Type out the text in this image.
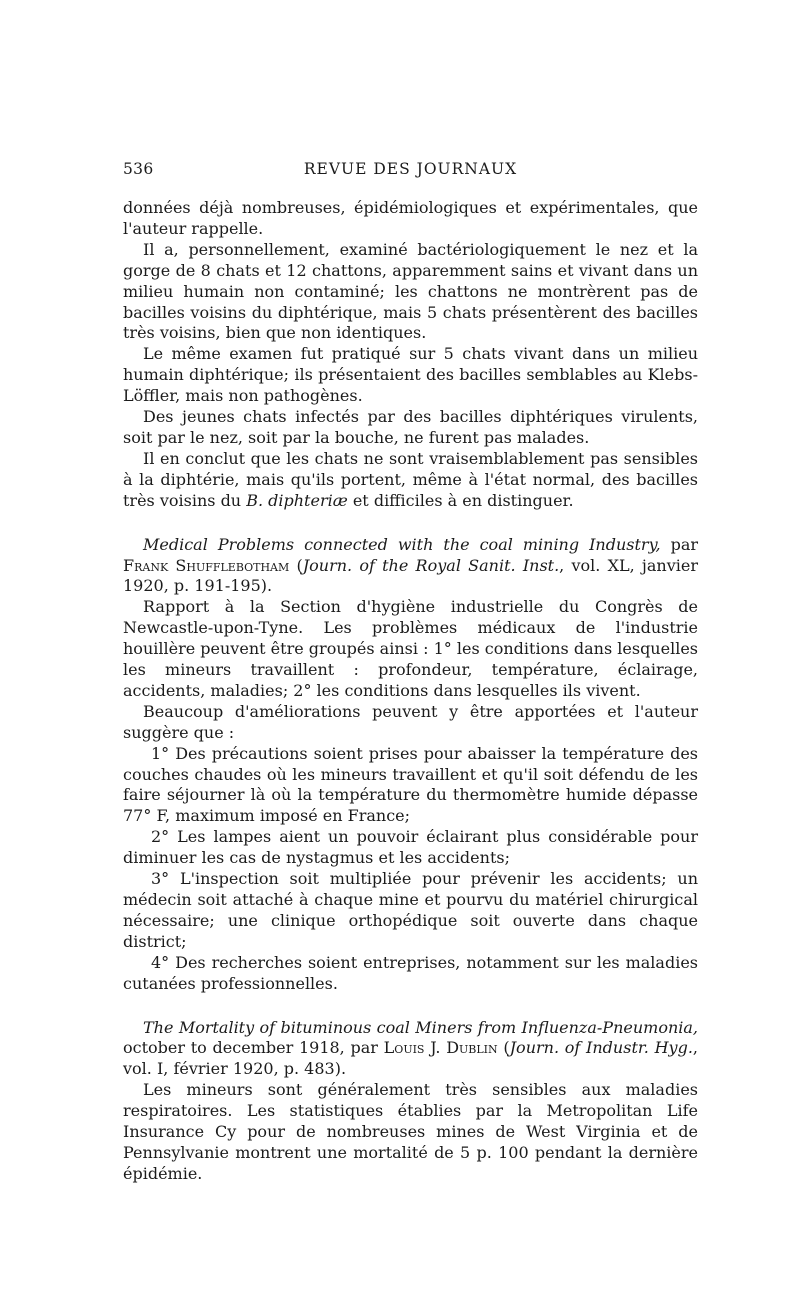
536	REVUE DES JOURNAUX

données déjà nombreuses, épidémiologiques et expérimentales, que l'auteur rappelle.

Il a, personnellement, examiné bactériologiquement le nez et la gorge de 8 chats et 12 chattons, apparemment sains et vivant dans un milieu humain non contaminé; les chattons ne montrèrent pas de bacilles voisins du diphtérique, mais 5 chats présentèrent des bacilles très voisins, bien que non identiques.

Le même examen fut pratiqué sur 5 chats vivant dans un milieu humain diphtérique; ils présentaient des bacilles semblables au Klebs-Löffler, mais non pathogènes.

Des jeunes chats infectés par des bacilles diphtériques virulents, soit par le nez, soit par la bouche, ne furent pas malades.

Il en conclut que les chats ne sont vraisemblablement pas sensibles à la diphtérie, mais qu'ils portent, même à l'état normal, des bacilles très voisins du B. diphteriæ et difficiles à en distinguer.

Medical Problems connected with the coal mining Industry, par Frank Shufflebotham (Journ. of the Royal Sanit. Inst., vol. XL, janvier 1920, p. 191-195).

Rapport à la Section d'hygiène industrielle du Congrès de Newcastle-upon-Tyne. Les problèmes médicaux de l'industrie houillère peuvent être groupés ainsi : 1° les conditions dans lesquelles les mineurs travaillent : profondeur, température, éclairage, accidents, maladies; 2° les conditions dans lesquelles ils vivent.

Beaucoup d'améliorations peuvent y être apportées et l'auteur suggère que :

1° Des précautions soient prises pour abaisser la température des couches chaudes où les mineurs travaillent et qu'il soit défendu de les faire séjourner là où la température du thermomètre humide dépasse 77° F, maximum imposé en France;

2° Les lampes aient un pouvoir éclairant plus considérable pour diminuer les cas de nystagmus et les accidents;

3° L'inspection soit multipliée pour prévenir les accidents; un médecin soit attaché à chaque mine et pourvu du matériel chirurgical nécessaire; une clinique orthopédique soit ouverte dans chaque district;

4° Des recherches soient entreprises, notamment sur les maladies cutanées professionnelles.

The Mortality of bituminous coal Miners from Influenza-Pneumonia, october to december 1918, par Louis J. Dublin (Journ. of Industr. Hyg., vol. I, février 1920, p. 483).

Les mineurs sont généralement très sensibles aux maladies respiratoires. Les statistiques établies par la Metropolitan Life Insurance Cy pour de nombreuses mines de West Virginia et de Pennsylvanie montrent une mortalité de 5 p. 100 pendant la dernière épidémie.
